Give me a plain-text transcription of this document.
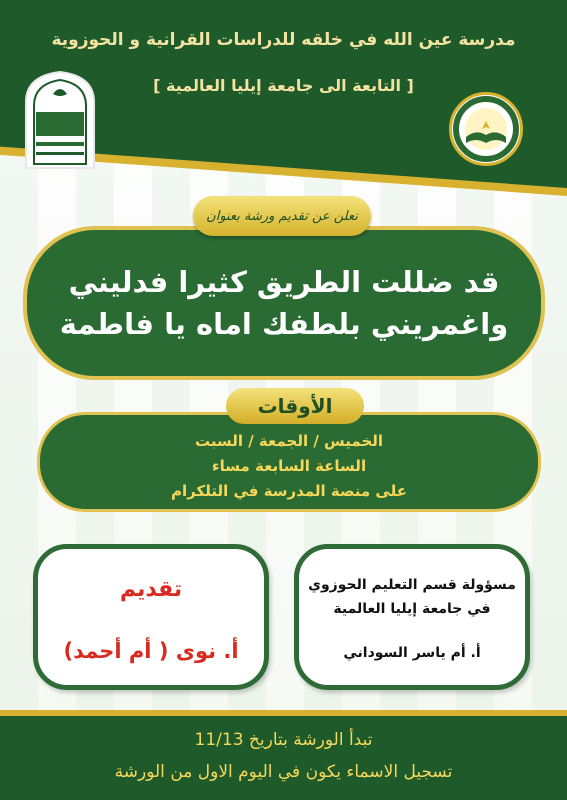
مدرسة عين الله في خلقه للدراسات القرانية و الحوزوية
[ التابعة الى جامعة إيليا العالمية ]
قد ضللت الطريق كثيرا فدليني
واغمريني بلطفك اماه يا فاطمة
نعلن عن تقديم ورشة بعنوان
الخميس / الجمعة / السبت
الساعة السابعة مساء
على منصة المدرسة في التلكرام
الأوقات
تقديم
أ. نوى ( أم أحمد)
مسؤولة قسم التعليم الحوزوي
في جامعة إيليا العالمية
أ. أم ياسر السوداني
تبدأ الورشة بتاريخ 11/13
تسجيل الاسماء يكون في اليوم الاول من الورشة
